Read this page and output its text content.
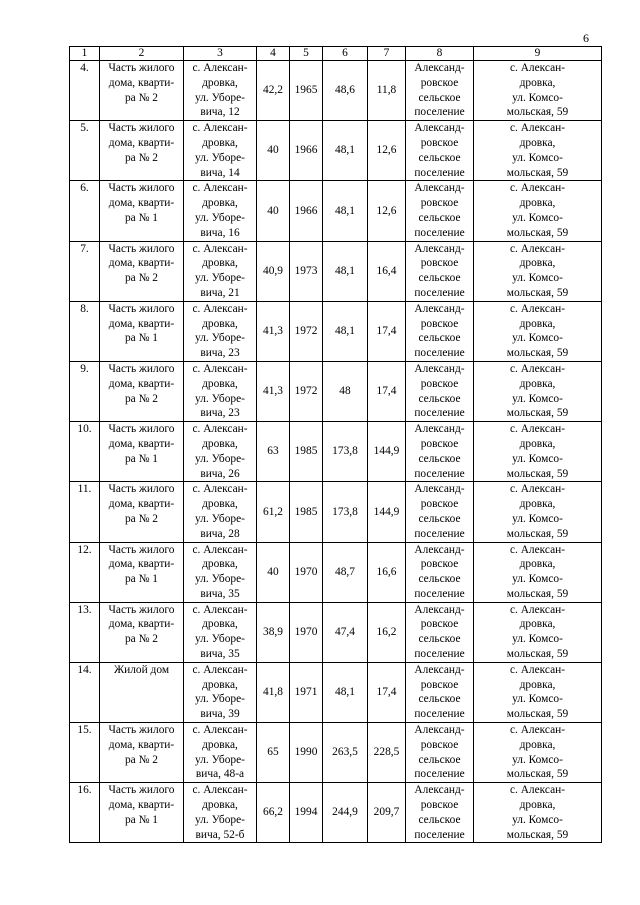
6
1	2	3	4	5	6	7	8	9

4.	Часть жилого
дома, кварти-
ра № 2	с. Алексан-
дровка,
ул. Уборе-
вича, 12	42,2	1965	48,6	11,8	Александ-
ровское
сельское
поселение	с. Алексан-
дровка,
ул. Комсо-
мольская, 59

5.	Часть жилого
дома, кварти-
ра № 2	с. Алексан-
дровка,
ул. Уборе-
вича, 14	40	1966	48,1	12,6	Александ-
ровское
сельское
поселение	с. Алексан-
дровка,
ул. Комсо-
мольская, 59

6.	Часть жилого
дома, кварти-
ра № 1	с. Алексан-
дровка,
ул. Уборе-
вича, 16	40	1966	48,1	12,6	Александ-
ровское
сельское
поселение	с. Алексан-
дровка,
ул. Комсо-
мольская, 59

7.	Часть жилого
дома, кварти-
ра № 2	с. Алексан-
дровка,
ул. Уборе-
вича, 21	40,9	1973	48,1	16,4	Александ-
ровское
сельское
поселение	с. Алексан-
дровка,
ул. Комсо-
мольская, 59

8.	Часть жилого
дома, кварти-
ра № 1	с. Алексан-
дровка,
ул. Уборе-
вича, 23	41,3	1972	48,1	17,4	Александ-
ровское
сельское
поселение	с. Алексан-
дровка,
ул. Комсо-
мольская, 59

9.	Часть жилого
дома, кварти-
ра № 2	с. Алексан-
дровка,
ул. Уборе-
вича, 23	41,3	1972	48	17,4	Александ-
ровское
сельское
поселение	с. Алексан-
дровка,
ул. Комсо-
мольская, 59

10.	Часть жилого
дома, кварти-
ра № 1	с. Алексан-
дровка,
ул. Уборе-
вича, 26	63	1985	173,8	144,9	Александ-
ровское
сельское
поселение	с. Алексан-
дровка,
ул. Комсо-
мольская, 59

11.	Часть жилого
дома, кварти-
ра № 2	с. Алексан-
дровка,
ул. Уборе-
вича, 28	61,2	1985	173,8	144,9	Александ-
ровское
сельское
поселение	с. Алексан-
дровка,
ул. Комсо-
мольская, 59

12.	Часть жилого
дома, кварти-
ра № 1	с. Алексан-
дровка,
ул. Уборе-
вича, 35	40	1970	48,7	16,6	Александ-
ровское
сельское
поселение	с. Алексан-
дровка,
ул. Комсо-
мольская, 59

13.	Часть жилого
дома, кварти-
ра № 2	с. Алексан-
дровка,
ул. Уборе-
вича, 35	38,9	1970	47,4	16,2	Александ-
ровское
сельское
поселение	с. Алексан-
дровка,
ул. Комсо-
мольская, 59

14.	Жилой дом	с. Алексан-
дровка,
ул. Уборе-
вича, 39	41,8	1971	48,1	17,4	Александ-
ровское
сельское
поселение	с. Алексан-
дровка,
ул. Комсо-
мольская, 59

15.	Часть жилого
дома, кварти-
ра № 2	с. Алексан-
дровка,
ул. Уборе-
вича, 48-а	65	1990	263,5	228,5	Александ-
ровское
сельское
поселение	с. Алексан-
дровка,
ул. Комсо-
мольская, 59

16.	Часть жилого
дома, кварти-
ра № 1	с. Алексан-
дровка,
ул. Уборе-
вича, 52-б	66,2	1994	244,9	209,7	Александ-
ровское
сельское
поселение	с. Алексан-
дровка,
ул. Комсо-
мольская, 59
